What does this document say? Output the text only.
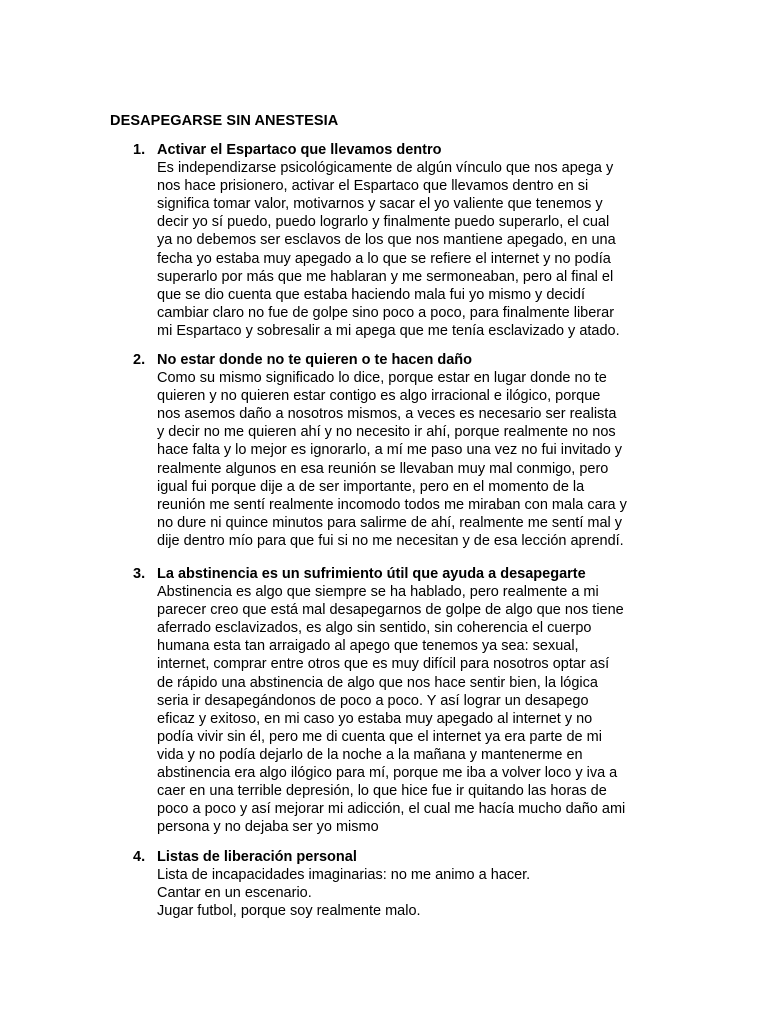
DESAPEGARSE SIN ANESTESIA
1. Activar el Espartaco que llevamos dentro
Es independizarse psicológicamente de algún vínculo que nos apega y
nos hace prisionero, activar el Espartaco que llevamos dentro en si
significa tomar valor, motivarnos y sacar el yo valiente que tenemos y
decir yo sí puedo, puedo lograrlo y finalmente puedo superarlo, el cual
ya no debemos ser esclavos de los que nos mantiene apegado, en una
fecha yo estaba muy apegado a lo que se refiere el internet y no podía
superarlo por más que me hablaran y me sermoneaban, pero al final el
que se dio cuenta que estaba haciendo mala fui yo mismo y decidí
cambiar claro no fue de golpe sino poco a poco, para finalmente liberar
mi Espartaco y sobresalir a mi apega que me tenía esclavizado y atado.
2. No estar donde no te quieren o te hacen daño
Como su mismo significado lo dice, porque estar en lugar donde no te
quieren y no quieren estar contigo es algo irracional e ilógico, porque
nos asemos daño a nosotros mismos, a veces es necesario ser realista
y decir no me quieren ahí y no necesito ir ahí, porque realmente no nos
hace falta y lo mejor es ignorarlo, a mí me paso una vez no fui invitado y
realmente algunos en esa reunión se llevaban muy mal conmigo, pero
igual fui porque dije a de ser importante, pero en el momento de la
reunión me sentí realmente incomodo todos me miraban con mala cara y
no dure ni quince minutos para salirme de ahí, realmente me sentí mal y
dije dentro mío para que fui si no me necesitan y de esa lección aprendí.
3. La abstinencia es un sufrimiento útil que ayuda a desapegarte
Abstinencia es algo que siempre se ha hablado, pero realmente a mi
parecer creo que está mal desapegarnos de golpe de algo que nos tiene
aferrado esclavizados, es algo sin sentido, sin coherencia el cuerpo
humana esta tan arraigado al apego que tenemos ya sea: sexual,
internet, comprar entre otros que es muy difícil para nosotros optar así
de rápido una abstinencia de algo que nos hace sentir bien, la lógica
seria ir desapegándonos de poco a poco. Y así lograr un desapego
eficaz y exitoso, en mi caso yo estaba muy apegado al internet y no
podía vivir sin él, pero me di cuenta que el internet ya era parte de mi
vida y no podía dejarlo de la noche a la mañana y mantenerme en
abstinencia era algo ilógico para mí, porque me iba a volver loco y iva a
caer en una terrible depresión, lo que hice fue ir quitando las horas de
poco a poco y así mejorar mi adicción, el cual me hacía mucho daño ami
persona y no dejaba ser yo mismo
4. Listas de liberación personal
Lista de incapacidades imaginarias: no me animo a hacer.
Cantar en un escenario.
Jugar futbol, porque soy realmente malo.
